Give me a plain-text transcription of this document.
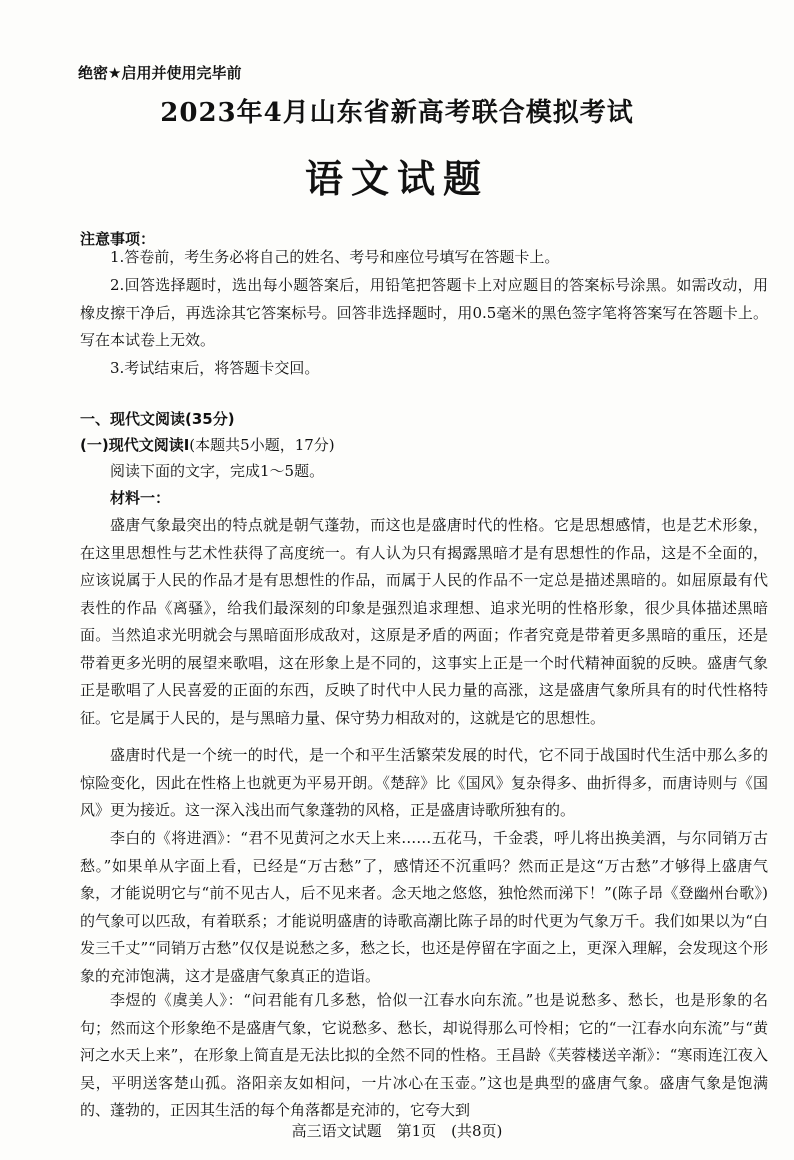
绝密★启用并使用完毕前
2023年4月山东省新高考联合模拟考试
语文试题
注意事项：

1.答卷前，考生务必将自己的姓名、考号和座位号填写在答题卡上。

2.回答选择题时，选出每小题答案后，用铅笔把答题卡上对应题目的答案标号涂黑。如需改动，用橡皮擦干净后，再选涂其它答案标号。回答非选择题时，用0.5毫米的黑色签字笔将答案写在答题卡上。写在本试卷上无效。

3.考试结束后，将答题卡交回。

一、现代文阅读(35分)
(一)现代文阅读Ⅰ(本题共5小题，17分)

阅读下面的文字，完成1～5题。

材料一：

盛唐气象最突出的特点就是朝气蓬勃，而这也是盛唐时代的性格。它是思想感情，也是艺术形象，在这里思想性与艺术性获得了高度统一。有人认为只有揭露黑暗才是有思想性的作品，这是不全面的，应该说属于人民的作品才是有思想性的作品，而属于人民的作品不一定总是描述黑暗的。如屈原最有代表性的作品《离骚》，给我们最深刻的印象是强烈追求理想、追求光明的性格形象，很少具体描述黑暗面。当然追求光明就会与黑暗面形成敌对，这原是矛盾的两面；作者究竟是带着更多黑暗的重压，还是带着更多光明的展望来歌唱，这在形象上是不同的，这事实上正是一个时代精神面貌的反映。盛唐气象正是歌唱了人民喜爱的正面的东西，反映了时代中人民力量的高涨，这是盛唐气象所具有的时代性格特征。它是属于人民的，是与黑暗力量、保守势力相敌对的，这就是它的思想性。

盛唐时代是一个统一的时代，是一个和平生活繁荣发展的时代，它不同于战国时代生活中那么多的惊险变化，因此在性格上也就更为平易开朗。《楚辞》比《国风》复杂得多、曲折得多，而唐诗则与《国风》更为接近。这一深入浅出而气象蓬勃的风格，正是盛唐诗歌所独有的。

李白的《将进酒》：“君不见黄河之水天上来……五花马，千金裘，呼儿将出换美酒，与尔同销万古愁。”如果单从字面上看，已经是“万古愁”了，感情还不沉重吗？然而正是这“万古愁”才够得上盛唐气象，才能说明它与“前不见古人，后不见来者。念天地之悠悠，独怆然而涕下！”(陈子昂《登幽州台歌》)的气象可以匹敌，有着联系；才能说明盛唐的诗歌高潮比陈子昂的时代更为气象万千。我们如果以为“白发三千丈”“同销万古愁”仅仅是说愁之多，愁之长，也还是停留在字面之上，更深入理解，会发现这个形象的充沛饱满，这才是盛唐气象真正的造诣。

李煜的《虞美人》：“问君能有几多愁，恰似一江春水向东流。”也是说愁多、愁长，也是形象的名句；然而这个形象绝不是盛唐气象，它说愁多、愁长，却说得那么可怜相；它的“一江春水向东流”与“黄河之水天上来”，在形象上简直是无法比拟的全然不同的性格。王昌龄《芙蓉楼送辛渐》：“寒雨连江夜入吴，平明送客楚山孤。洛阳亲友如相问，一片冰心在玉壶。”这也是典型的盛唐气象。盛唐气象是饱满的、蓬勃的，正因其生活的每个角落都是充沛的，它夸大到

高三语文试题　第1页　(共8页)
